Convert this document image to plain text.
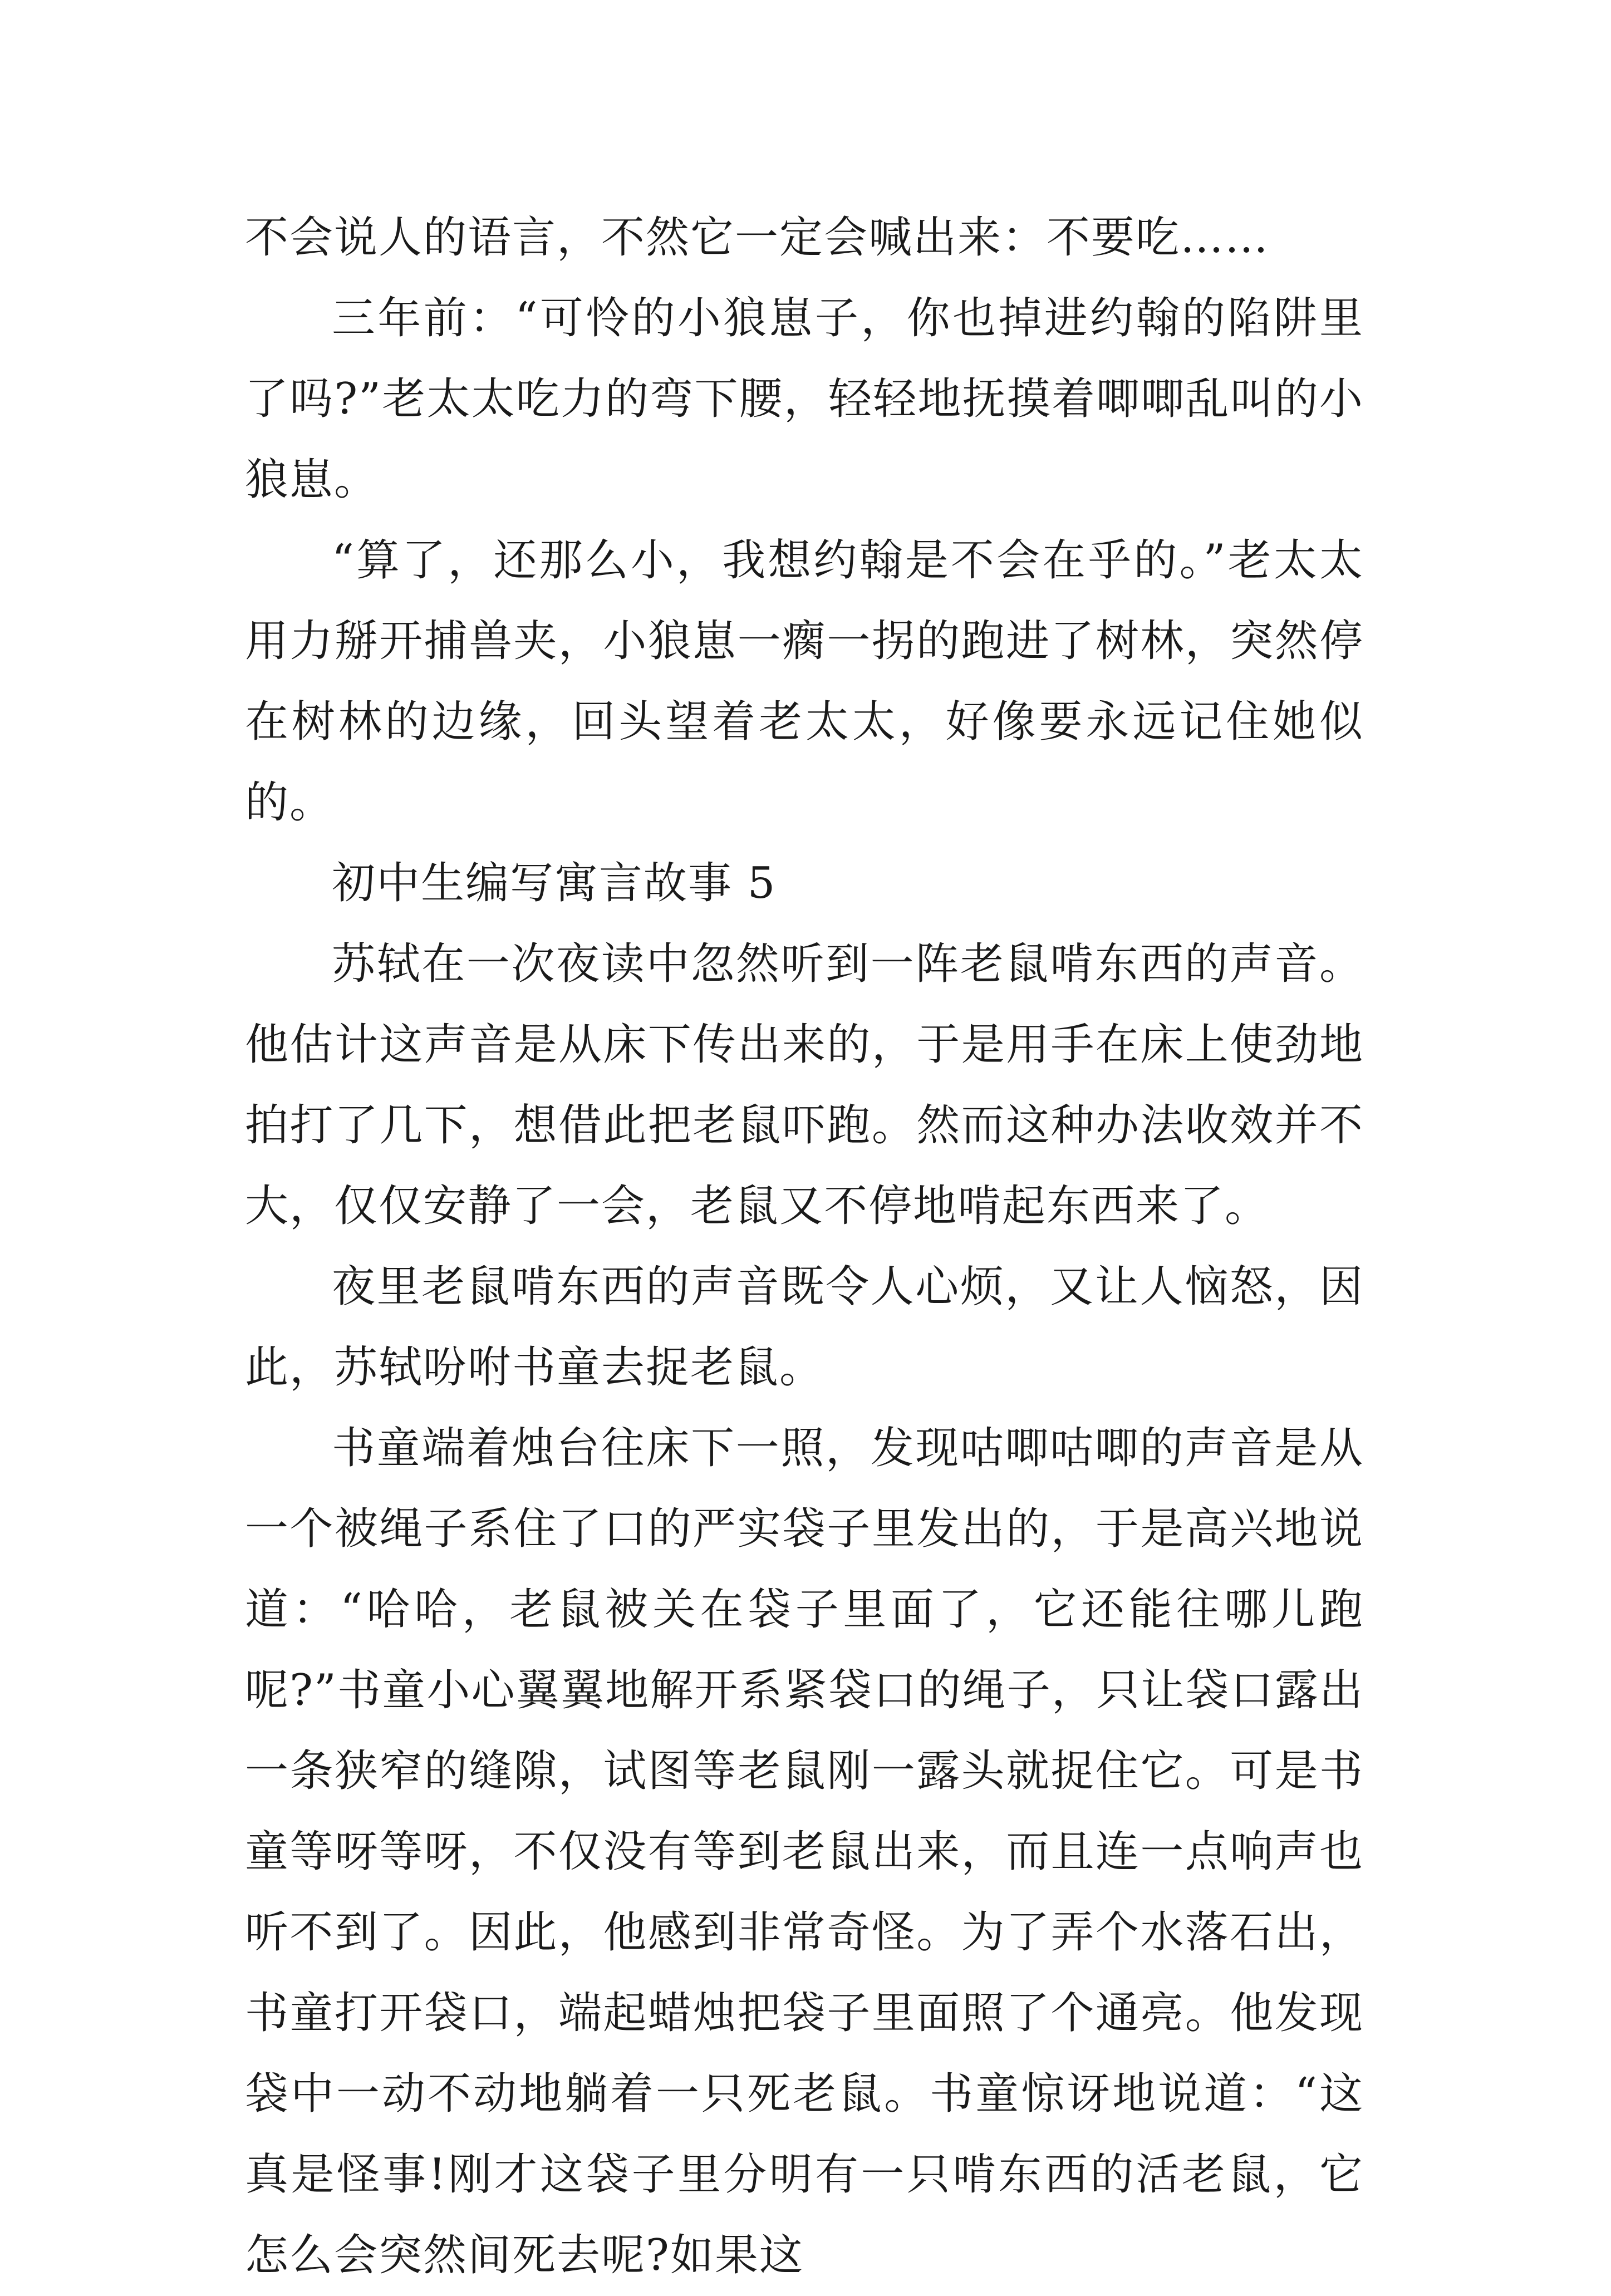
不会说人的语言，不然它一定会喊出来：不要吃……

三年前：“可怜的小狼崽子，你也掉进约翰的陷阱里了吗?”老太太吃力的弯下腰，轻轻地抚摸着唧唧乱叫的小狼崽。

“算了，还那么小，我想约翰是不会在乎的。”老太太用力掰开捕兽夹，小狼崽一瘸一拐的跑进了树林，突然停在树林的边缘，回头望着老太太，好像要永远记住她似的。

初中生编写寓言故事 5

苏轼在一次夜读中忽然听到一阵老鼠啃东西的声音。他估计这声音是从床下传出来的，于是用手在床上使劲地拍打了几下，想借此把老鼠吓跑。然而这种办法收效并不大，仅仅安静了一会，老鼠又不停地啃起东西来了。

夜里老鼠啃东西的声音既令人心烦，又让人恼怒，因此，苏轼吩咐书童去捉老鼠。

书童端着烛台往床下一照，发现咕唧咕唧的声音是从一个被绳子系住了口的严实袋子里发出的，于是高兴地说道：“哈哈，老鼠被关在袋子里面了，它还能往哪儿跑呢?”书童小心翼翼地解开系紧袋口的绳子，只让袋口露出一条狭窄的缝隙，试图等老鼠刚一露头就捉住它。可是书童等呀等呀，不仅没有等到老鼠出来，而且连一点响声也听不到了。因此，他感到非常奇怪。为了弄个水落石出，书童打开袋口，端起蜡烛把袋子里面照了个通亮。他发现袋中一动不动地躺着一只死老鼠。书童惊讶地说道：“这真是怪事!刚才这袋子里分明有一只啃东西的活老鼠，它怎么会突然间死去呢?如果这
